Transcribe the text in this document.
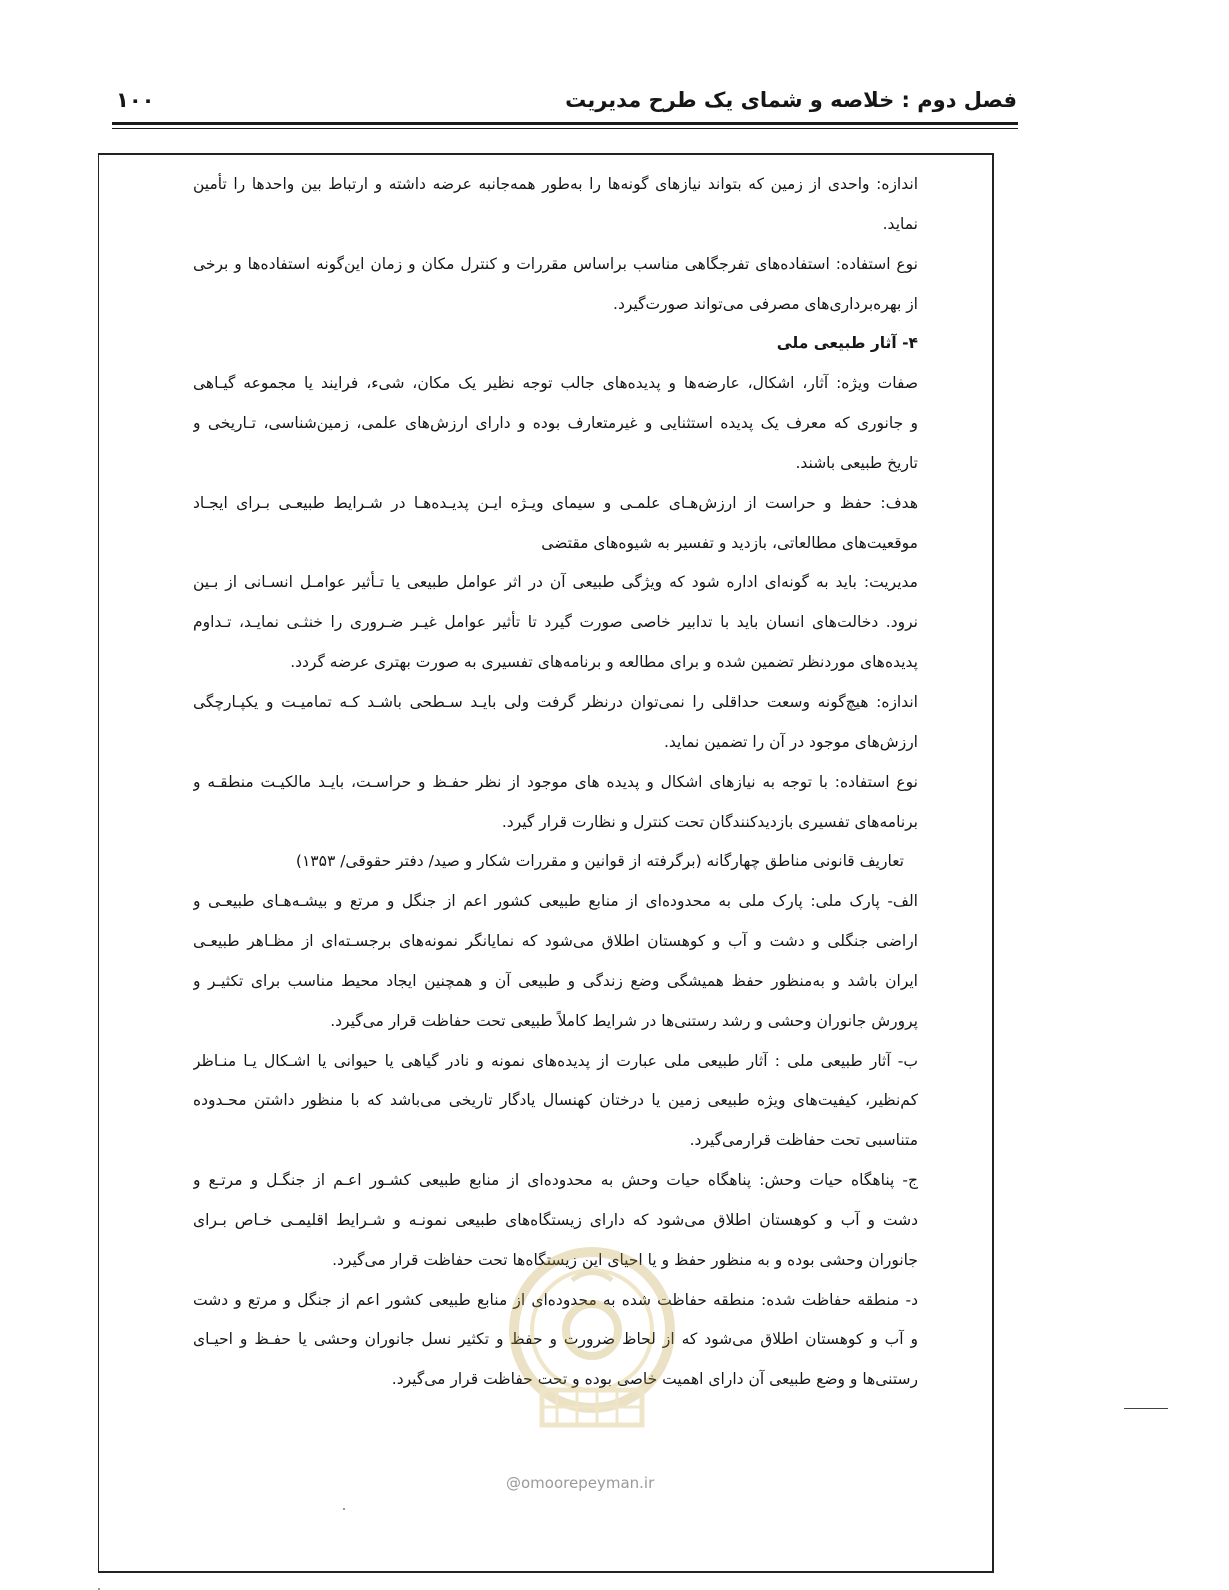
فصل دوم : خلاصه و شمای یک طرح مدیریت
۱۰۰
اندازه: واحدی از زمین که بتواند نیازهای گونه‌ها را به‌طور همه‌جانبه عرضه داشته و ارتباط بین واحدها را تأمین
نماید.
نوع استفاده: استفاده‌های تفرجگاهی مناسب براساس مقررات و کنترل مکان و زمان این‌گونه استفاده‌ها و برخی
از بهره‌برداری‌های مصرفی می‌تواند صورت‌گیرد.
۴- آثار طبیعی ملی
صفات ویژه: آثار، اشکال، عارضه‌ها و پدیده‌های جالب توجه نظیر یک مکان، شیء، فرایند یا مجموعه گیـاهی
و جانوری که معرف یک پدیده استثنایی و غیرمتعارف بوده و دارای ارزش‌های علمی، زمین‌شناسی، تـاریخی و
تاریخ طبیعی باشند.
هدف: حفظ و حراست از ارزش‌هـای علمـی و سیمای ویـژه ایـن پدیـده‌هـا در شـرایط طبیعـی بـرای ایجـاد
موقعیت‌های مطالعاتی، بازدید و تفسیر به شیوه‌های مقتضی
مدیریت: باید به گونه‌ای اداره شود که ویژگی طبیعی آن در اثر عوامل طبیعی یا تـأثیر عوامـل انسـانی از بـین
نرود. دخالت‌های انسان باید با تدابیر خاصی صورت گیرد تا تأثیر عوامل غیـر ضـروری را خنثـی نمایـد، تـداوم
پدیده‌های موردنظر تضمین شده و برای مطالعه و برنامه‌های تفسیری به صورت بهتری عرضه گردد.
اندازه: هیچ‌گونه وسعت حداقلی را نمی‌توان درنظر گرفت ولی بایـد سـطحی باشـد کـه تمامیـت و یکپـارچگی
ارزش‌های موجود در آن را تضمین نماید.
نوع استفاده: با توجه به نیازهای اشکال و پدیده های موجود از نظر حفـظ و حراسـت، بایـد مالکیـت منطقـه و
برنامه‌های تفسیری بازدیدکنندگان تحت کنترل و نظارت قرار گیرد.
تعاریف قانونی مناطق چهارگانه (برگرفته از قوانین و مقررات شکار و صید/ دفتر حقوقی/ ۱۳۵۳)
الف- پارک ملی: پارک ملی به محدوده‌ای از منابع طبیعی کشور اعم از جنگل و مرتع و بیشـه‌هـای طبیعـی و
اراضی جنگلی و دشت و آب و کوهستان اطلاق می‌شود که نمایانگر نمونه‌های برجسـته‌ای از مظـاهر طبیعـی
ایران باشد و به‌منظور حفظ همیشگی وضع زندگی و طبیعی آن و همچنین ایجاد محیط مناسب برای تکثیـر و
پرورش جانوران وحشی و رشد رستنی‌ها در شرایط کاملاً طبیعی تحت حفاظت قرار می‌گیرد.
ب- آثار طبیعی ملی : آثار طبیعی ملی عبارت از پدیده‌های نمونه و نادر گیاهی یا حیوانی یا اشـکال یـا منـاظر
کم‌نظیر، کیفیت‌های ویژه طبیعی زمین یا درختان کهنسال یادگار تاریخی می‌باشد که با منظور داشتن محـدوده
متناسبی تحت حفاظت قرارمی‌گیرد.
ج- پناهگاه حیات وحش: پناهگاه حیات وحش به محدوده‌ای از منابع طبیعی کشـور اعـم از جنگـل و مرتـع و
دشت و آب و کوهستان اطلاق می‌شود که دارای زیستگاه‌های طبیعی نمونـه و شـرایط اقلیمـی خـاص بـرای
جانوران وحشی بوده و به منظور حفظ و یا احیای این زیستگاه‌ها تحت حفاظت قرار می‌گیرد.
د- منطقه حفاظت شده: منطقه حفاظت شده به محدوده‌ای از منابع طبیعی کشور اعم از جنگل و مرتع و دشت
و آب و کوهستان اطلاق می‌شود که از لحاظ ضرورت و حفظ و تکثیر نسل جانوران وحشی یا حفـظ و احیـای
رستنی‌ها و وضع طبیعی آن دارای اهمیت خاصی بوده و تحت حفاظت قرار می‌گیرد.
@omoorepeyman.ir
